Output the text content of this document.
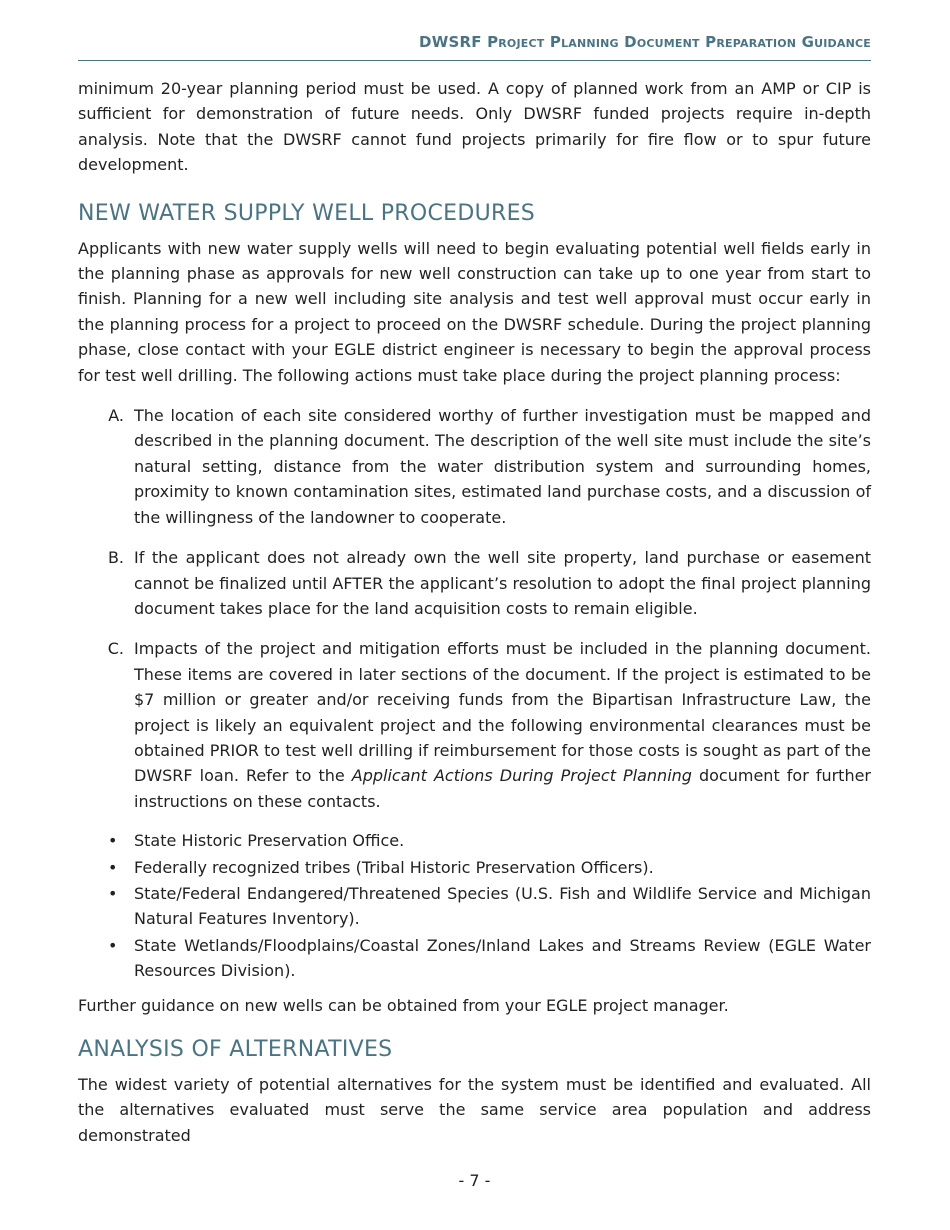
DWSRF Project Planning Document Preparation Guidance

minimum 20-year planning period must be used. A copy of planned work from an AMP or CIP is sufficient for demonstration of future needs. Only DWSRF funded projects require in-depth analysis. Note that the DWSRF cannot fund projects primarily for fire flow or to spur future development.

NEW WATER SUPPLY WELL PROCEDURES

Applicants with new water supply wells will need to begin evaluating potential well fields early in the planning phase as approvals for new well construction can take up to one year from start to finish. Planning for a new well including site analysis and test well approval must occur early in the planning process for a project to proceed on the DWSRF schedule. During the project planning phase, close contact with your EGLE district engineer is necessary to begin the approval process for test well drilling. The following actions must take place during the project planning process:

A. The location of each site considered worthy of further investigation must be mapped and described in the planning document. The description of the well site must include the site’s natural setting, distance from the water distribution system and surrounding homes, proximity to known contamination sites, estimated land purchase costs, and a discussion of the willingness of the landowner to cooperate.

B. If the applicant does not already own the well site property, land purchase or easement cannot be finalized until AFTER the applicant’s resolution to adopt the final project planning document takes place for the land acquisition costs to remain eligible.

C. Impacts of the project and mitigation efforts must be included in the planning document. These items are covered in later sections of the document. If the project is estimated to be $7 million or greater and/or receiving funds from the Bipartisan Infrastructure Law, the project is likely an equivalent project and the following environmental clearances must be obtained PRIOR to test well drilling if reimbursement for those costs is sought as part of the DWSRF loan. Refer to the Applicant Actions During Project Planning document for further instructions on these contacts.

•	State Historic Preservation Office.
•	Federally recognized tribes (Tribal Historic Preservation Officers).
•	State/Federal Endangered/Threatened Species (U.S. Fish and Wildlife Service and Michigan Natural Features Inventory).
•	State Wetlands/Floodplains/Coastal Zones/Inland Lakes and Streams Review (EGLE Water Resources Division).

Further guidance on new wells can be obtained from your EGLE project manager.

ANALYSIS OF ALTERNATIVES

The widest variety of potential alternatives for the system must be identified and evaluated. All the alternatives evaluated must serve the same service area population and address demonstrated

- 7 -
